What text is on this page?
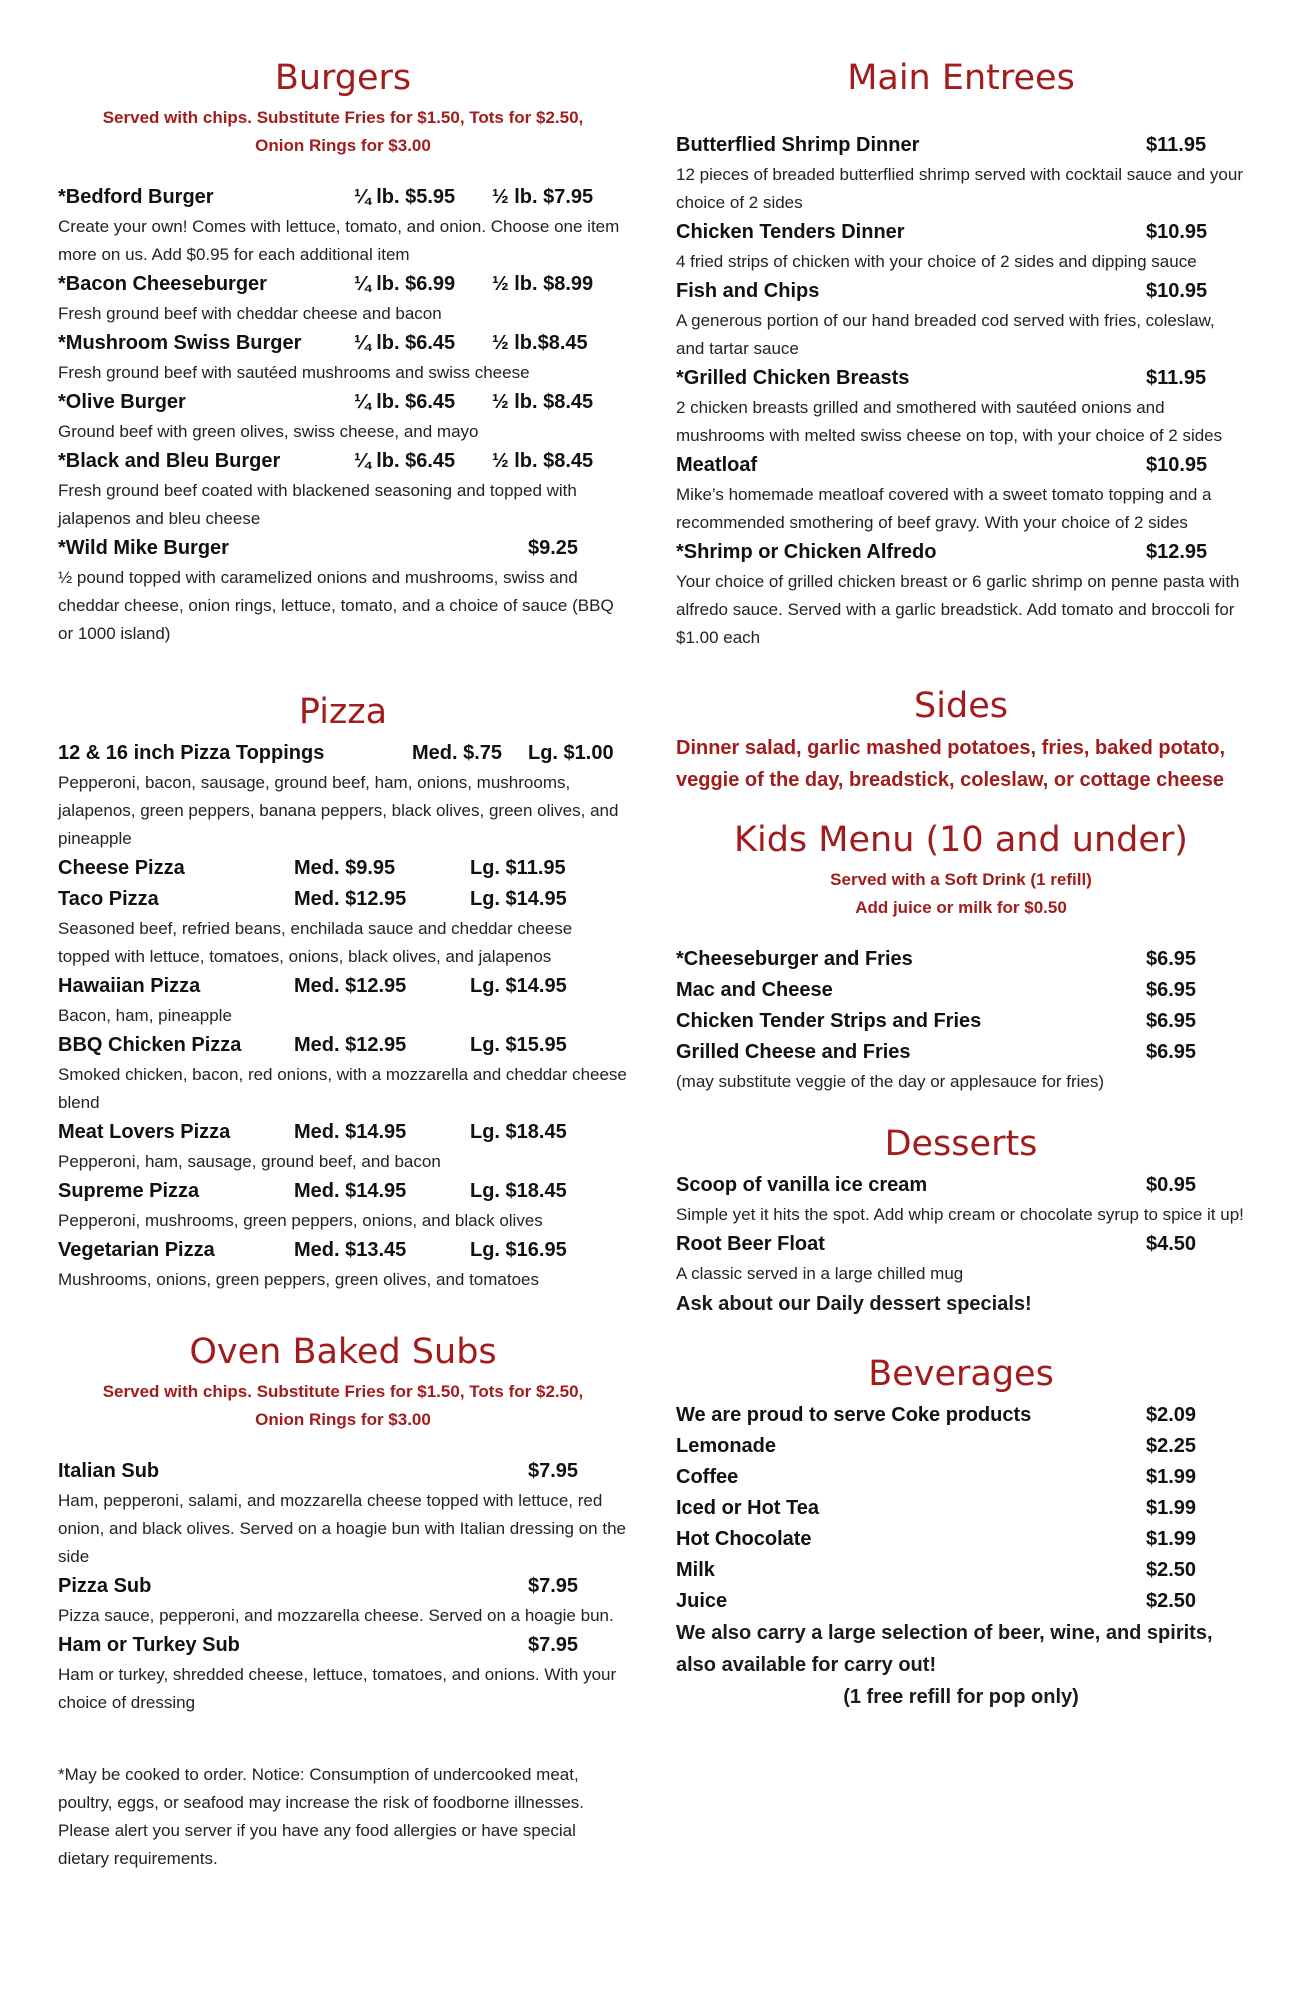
Burgers
Served with chips. Substitute Fries for $1.50, Tots for $2.50, Onion Rings for $3.00
*Bedford Burger	¼ lb. $5.95	½ lb. $7.95
Create your own! Comes with lettuce, tomato, and onion. Choose one item more on us. Add $0.95 for each additional item
*Bacon Cheeseburger	¼ lb. $6.99	½ lb. $8.99
Fresh ground beef with cheddar cheese and bacon
*Mushroom Swiss Burger	¼ lb. $6.45	½ lb.$8.45
Fresh ground beef with sautéed mushrooms and swiss cheese
*Olive Burger	¼ lb. $6.45	½ lb. $8.45
Ground beef with green olives, swiss cheese, and mayo
*Black and Bleu Burger	¼ lb. $6.45	½ lb. $8.45
Fresh ground beef coated with blackened seasoning and topped with jalapenos and bleu cheese
*Wild Mike Burger	$9.25
½ pound topped with caramelized onions and mushrooms, swiss and cheddar cheese, onion rings, lettuce, tomato, and a choice of sauce (BBQ or 1000 island)
Pizza
12 & 16 inch Pizza Toppings	Med. $.75	Lg. $1.00
Pepperoni, bacon, sausage, ground beef, ham, onions, mushrooms, jalapenos, green peppers, banana peppers, black olives, green olives, and pineapple
Cheese Pizza	Med. $9.95	Lg. $11.95
Taco Pizza	Med. $12.95	Lg. $14.95
Seasoned beef, refried beans, enchilada sauce and cheddar cheese topped with lettuce, tomatoes, onions, black olives, and jalapenos
Hawaiian Pizza	Med. $12.95	Lg. $14.95
Bacon, ham, pineapple
BBQ Chicken Pizza	Med. $12.95	Lg. $15.95
Smoked chicken, bacon, red onions, with a mozzarella and cheddar cheese blend
Meat Lovers Pizza	Med. $14.95	Lg. $18.45
Pepperoni, ham, sausage, ground beef, and bacon
Supreme Pizza	Med. $14.95	Lg. $18.45
Pepperoni, mushrooms, green peppers, onions, and black olives
Vegetarian Pizza	Med. $13.45	Lg. $16.95
Mushrooms, onions, green peppers, green olives, and tomatoes
Oven Baked Subs
Served with chips. Substitute Fries for $1.50, Tots for $2.50, Onion Rings for $3.00
Italian Sub	$7.95
Ham, pepperoni, salami, and mozzarella cheese topped with lettuce, red onion, and black olives. Served on a hoagie bun with Italian dressing on the side
Pizza Sub	$7.95
Pizza sauce, pepperoni, and mozzarella cheese. Served on a hoagie bun.
Ham or Turkey Sub	$7.95
Ham or turkey, shredded cheese, lettuce, tomatoes, and onions. With your choice of dressing
*May be cooked to order. Notice: Consumption of undercooked meat, poultry, eggs, or seafood may increase the risk of foodborne illnesses. Please alert you server if you have any food allergies or have special dietary requirements.
Main Entrees
Butterflied Shrimp Dinner	$11.95
12 pieces of breaded butterflied shrimp served with cocktail sauce and your choice of 2 sides
Chicken Tenders Dinner	$10.95
4 fried strips of chicken with your choice of 2 sides and dipping sauce
Fish and Chips	$10.95
A generous portion of our hand breaded cod served with fries, coleslaw, and tartar sauce
*Grilled Chicken Breasts	$11.95
2 chicken breasts grilled and smothered with sautéed onions and mushrooms with melted swiss cheese on top, with your choice of 2 sides
Meatloaf	$10.95
Mike’s homemade meatloaf covered with a sweet tomato topping and a recommended smothering of beef gravy. With your choice of 2 sides
*Shrimp or Chicken Alfredo	$12.95
Your choice of grilled chicken breast or 6 garlic shrimp on penne pasta with alfredo sauce. Served with a garlic breadstick. Add tomato and broccoli for $1.00 each
Sides
Dinner salad, garlic mashed potatoes, fries, baked potato, veggie of the day, breadstick, coleslaw, or cottage cheese
Kids Menu (10 and under)
Served with a Soft Drink (1 refill)
Add juice or milk for $0.50
*Cheeseburger and Fries	$6.95
Mac and Cheese	$6.95
Chicken Tender Strips and Fries	$6.95
Grilled Cheese and Fries	$6.95
(may substitute veggie of the day or applesauce for fries)
Desserts
Scoop of vanilla ice cream	$0.95
Simple yet it hits the spot. Add whip cream or chocolate syrup to spice it up!
Root Beer Float	$4.50
A classic served in a large chilled mug
Ask about our Daily dessert specials!
Beverages
We are proud to serve Coke products	$2.09
Lemonade	$2.25
Coffee	$1.99
Iced or Hot Tea	$1.99
Hot Chocolate	$1.99
Milk	$2.50
Juice	$2.50
We also carry a large selection of beer, wine, and spirits, also available for carry out!
(1 free refill for pop only)
